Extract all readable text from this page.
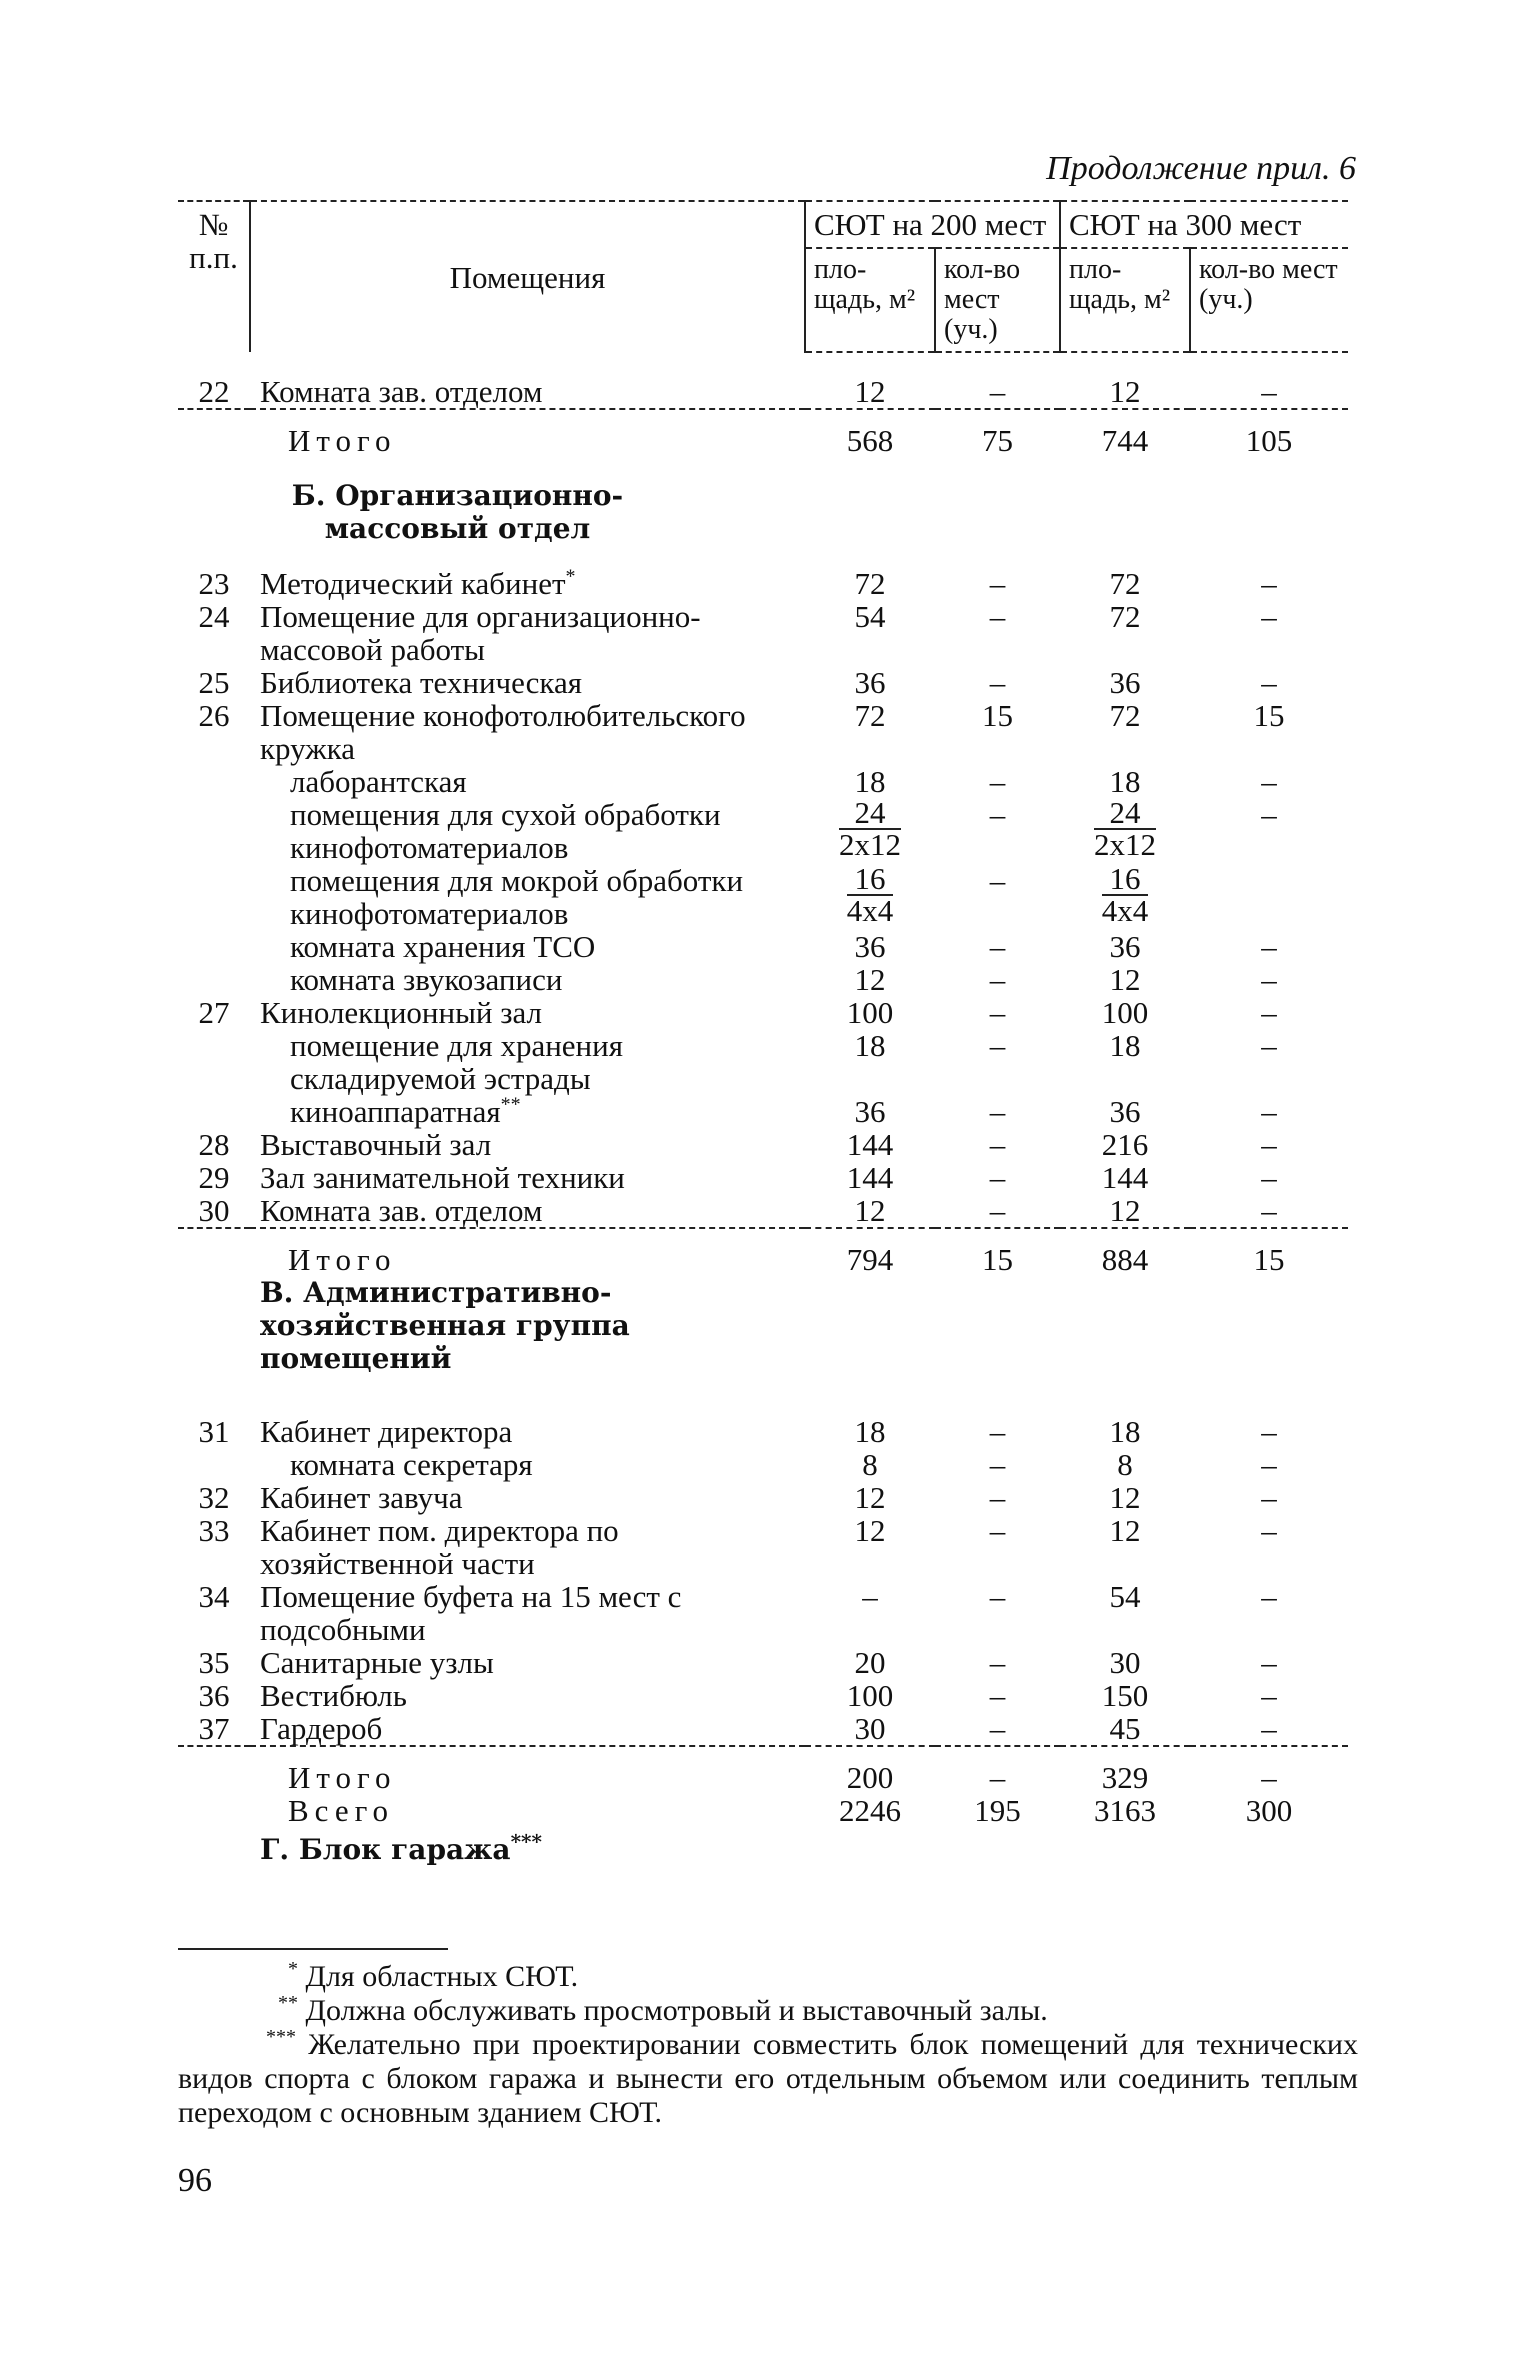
Продолжение прил. 6
№ п.п.	Помещения	СЮТ на 200 мест		СЮТ на 300 мест	
		пло-щадь, м²	кол-во мест (уч.)	пло-щадь, м²	кол-во мест (уч.)

22	Комната зав. отделом	12	–	12	–

	Итого	568	75	744	105

	Б. Организационно-массовый отдел				

23	Методический кабинет*	72	–	72	–
24	Помещение для организационно-массовой работы	54	–	72	–
25	Библиотека техническая	36	–	36	–
26	Помещение конофотолюбительского кружка	72	15	72	15
	лаборантская	18	–	18	–
	помещения для сухой обработки кинофотоматериалов	$\frac{24}{2x12}$	–	$\frac{24}{2x12}$	–
	помещения для мокрой обработки кинофотоматериалов	$\frac{16}{4x4}$	–	$\frac{16}{4x4}$

	комната хранения ТСО	36	–	36	–
	комната звукозаписи	12	–	12	–
27	Кинолекционный зал	100	–	100	–
	помещение для хранения складируемой эстрады	18	–	18	–
	киноаппаратная**	36	–	36	–
28	Выставочный зал	144	–	216	–
29	Зал занимательной техники	144	–	144	–
30	Комната зав. отделом	12	–	12	–

	Итого	794	15	884	15
	В. Административно-хозяйственная группа помещений				

31	Кабинет директора	18	–	18	–
	комната секретаря	8	–	8	–
32	Кабинет завуча	12	–	12	–
33	Кабинет пом. директора по хозяйственной части	12	–	12	–
34	Помещение буфета на 15 мест с подсобными	–	–	54	–
35	Санитарные узлы	20	–	30	–
36	Вестибюль	100	–	150	–
37	Гардероб	30	–	45	–

	Итого	200	–	329	–
	Всего	2246	195	3163	300
	Г. Блок гаража***	
* Для областных СЮТ.
** Должна обслуживать просмотровый и выставочный залы.
*** Желательно при проектировании совместить блок помещений для технических видов спорта с блоком гаража и вынести его отдельным объемом или соединить теплым переходом с основным зданием СЮТ.
96
